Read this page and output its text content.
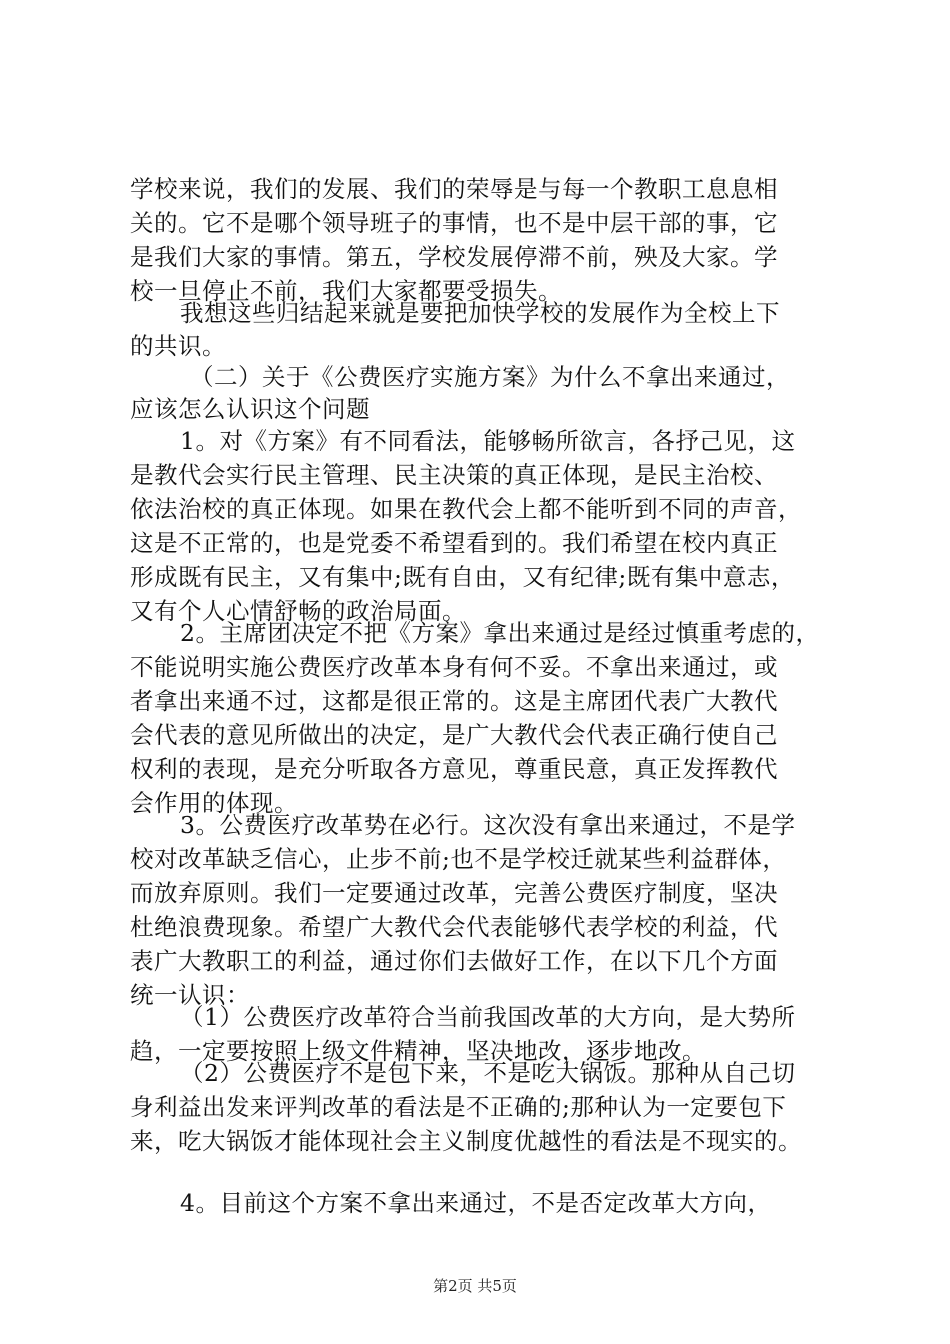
学校来说，我们的发展、我们的荣辱是与每一个教职工息息相
关的。它不是哪个领导班子的事情，也不是中层干部的事，它
是我们大家的事情。第五，学校发展停滞不前，殃及大家。学
校一旦停止不前，我们大家都要受损失。
我想这些归结起来就是要把加快学校的发展作为全校上下
的共识。
（二）关于《公费医疗实施方案》为什么不拿出来通过，
应该怎么认识这个问题
1。对《方案》有不同看法，能够畅所欲言，各抒己见，这
是教代会实行民主管理、民主决策的真正体现，是民主治校、
依法治校的真正体现。如果在教代会上都不能听到不同的声音，
这是不正常的，也是党委不希望看到的。我们希望在校内真正
形成既有民主，又有集中;既有自由，又有纪律;既有集中意志，
又有个人心情舒畅的政治局面。
2。主席团决定不把《方案》拿出来通过是经过慎重考虑的，
不能说明实施公费医疗改革本身有何不妥。不拿出来通过，或
者拿出来通不过，这都是很正常的。这是主席团代表广大教代
会代表的意见所做出的决定，是广大教代会代表正确行使自己
权利的表现，是充分听取各方意见，尊重民意，真正发挥教代
会作用的体现。
3。公费医疗改革势在必行。这次没有拿出来通过，不是学
校对改革缺乏信心，止步不前;也不是学校迁就某些利益群体，
而放弃原则。我们一定要通过改革，完善公费医疗制度，坚决
杜绝浪费现象。希望广大教代会代表能够代表学校的利益，代
表广大教职工的利益，通过你们去做好工作，在以下几个方面
统一认识：
（1）公费医疗改革符合当前我国改革的大方向，是大势所
趋，一定要按照上级文件精神，坚决地改，逐步地改。
（2）公费医疗不是包下来，不是吃大锅饭。那种从自己切
身利益出发来评判改革的看法是不正确的;那种认为一定要包下
来，吃大锅饭才能体现社会主义制度优越性的看法是不现实的。
4。目前这个方案不拿出来通过，不是否定改革大方向，
第2页 共5页
